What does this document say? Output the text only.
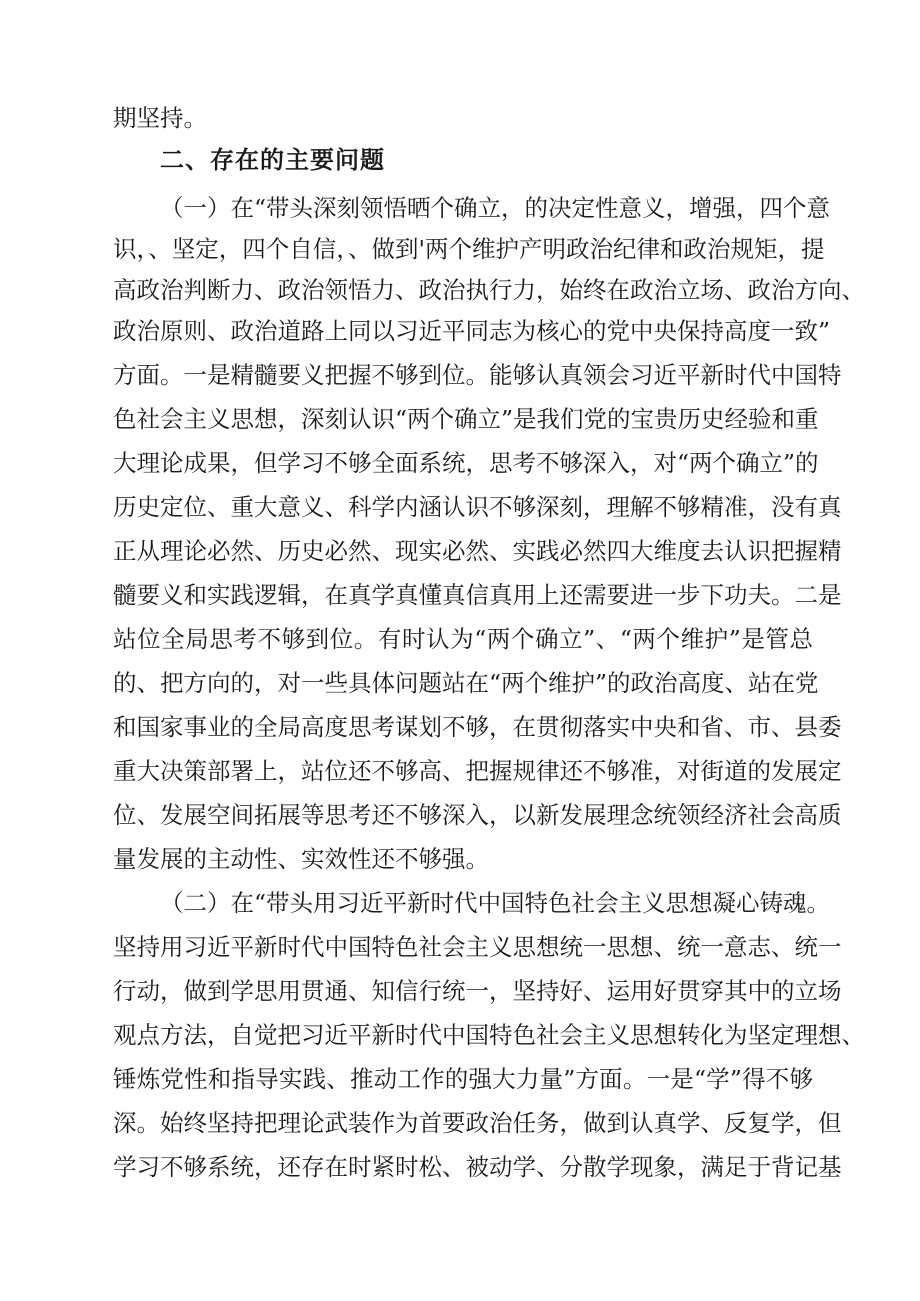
期坚持。
二、存在的主要问题
（一）在“带头深刻领悟晒个确立，的决定性意义，增强，四个意
识，、坚定，四个自信，、做到'两个维护产明政治纪律和政治规矩，提
高政治判断力、政治领悟力、政治执行力，始终在政治立场、政治方向、
政治原则、政治道路上同以习近平同志为核心的党中央保持高度一致”
方面。一是精髓要义把握不够到位。能够认真领会习近平新时代中国特
色社会主义思想，深刻认识“两个确立”是我们党的宝贵历史经验和重
大理论成果，但学习不够全面系统，思考不够深入，对“两个确立”的
历史定位、重大意义、科学内涵认识不够深刻，理解不够精准，没有真
正从理论必然、历史必然、现实必然、实践必然四大维度去认识把握精
髓要义和实践逻辑，在真学真懂真信真用上还需要进一步下功夫。二是
站位全局思考不够到位。有时认为“两个确立”、“两个维护”是管总
的、把方向的，对一些具体问题站在“两个维护”的政治高度、站在党
和国家事业的全局高度思考谋划不够，在贯彻落实中央和省、市、县委
重大决策部署上，站位还不够高、把握规律还不够准，对街道的发展定
位、发展空间拓展等思考还不够深入，以新发展理念统领经济社会高质
量发展的主动性、实效性还不够强。
（二）在“带头用习近平新时代中国特色社会主义思想凝心铸魂。
坚持用习近平新时代中国特色社会主义思想统一思想、统一意志、统一
行动，做到学思用贯通、知信行统一，坚持好、运用好贯穿其中的立场
观点方法，自觉把习近平新时代中国特色社会主义思想转化为坚定理想、
锤炼党性和指导实践、推动工作的强大力量”方面。一是“学”得不够
深。始终坚持把理论武装作为首要政治任务，做到认真学、反复学，但
学习不够系统，还存在时紧时松、被动学、分散学现象，满足于背记基
